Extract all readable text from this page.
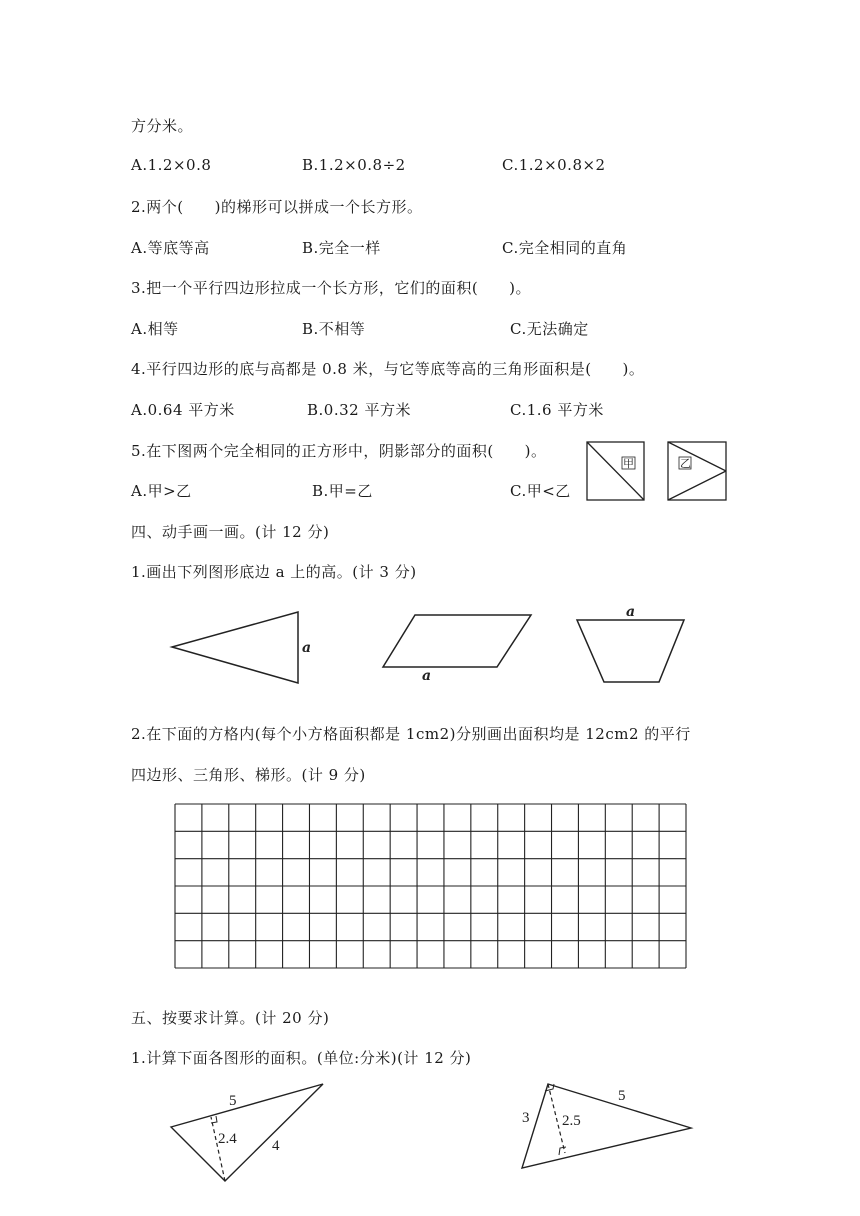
方分米。
A.1.2×0.8	B.1.2×0.8÷2	C.1.2×0.8×2
2.两个(　　)的梯形可以拼成一个长方形。
A.等底等高	B.完全一样	C.完全相同的直角
3.把一个平行四边形拉成一个长方形，它们的面积(　　)。
A.相等	B.不相等	C.无法确定
4.平行四边形的底与高都是 0.8 米，与它等底等高的三角形面积是(　　)。
A.0.64 平方米	B.0.32 平方米	C.1.6 平方米
5.在下图两个完全相同的正方形中，阴影部分的面积(　　)。
A.甲>乙	B.甲=乙	C.甲<乙
四、动手画一画。(计 12 分)
1.画出下列图形底边 a 上的高。(计 3 分)
2.在下面的方格内(每个小方格面积都是 1cm2)分别画出面积均是 12cm2 的平行
四边形、三角形、梯形。(计 9 分)
五、按要求计算。(计 20 分)
1.计算下面各图形的面积。(单位:分米)(计 12 分)
甲	乙
a
a
a
5
2.4 4
3 2.5
5
